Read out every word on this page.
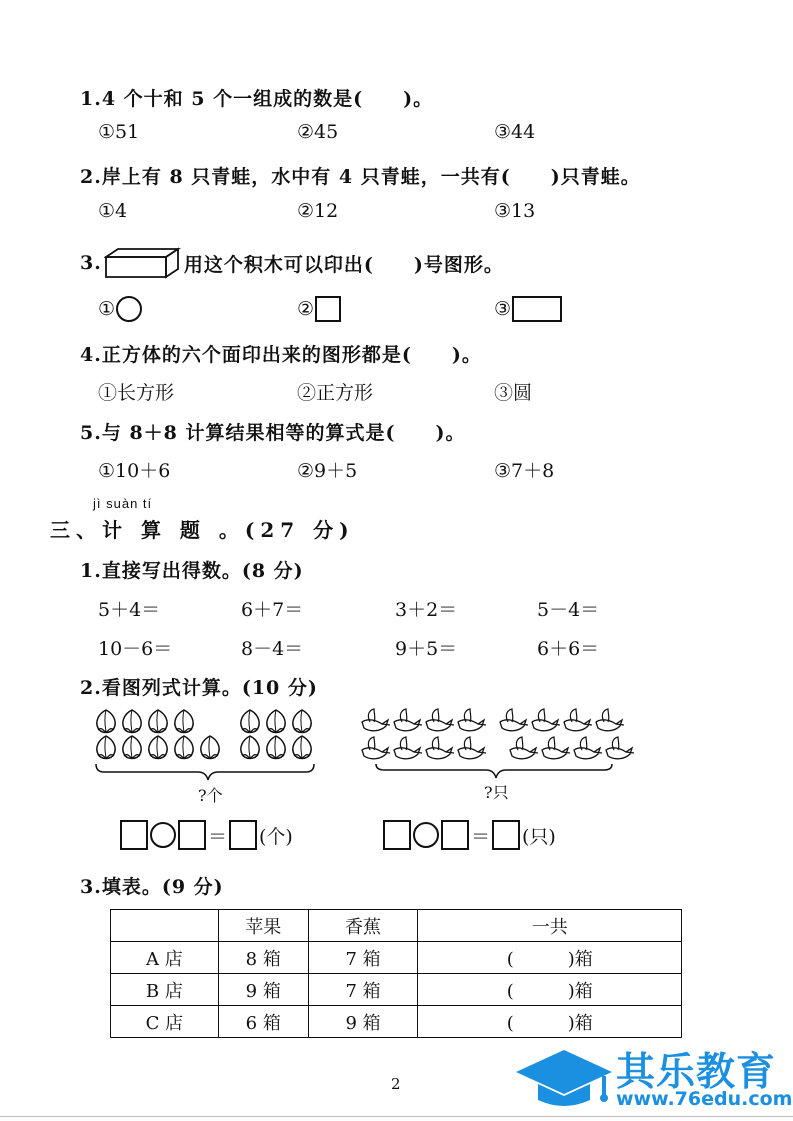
1.4 个十和 5 个一组成的数是(　　)。
①51	②45	③44
2.岸上有 8 只青蛙，水中有 4 只青蛙，一共有(　　)只青蛙。
①4	②12	③13
3.	用这个积木可以印出(　　)号图形。
①	②	③
4.正方体的六个面印出来的图形都是(　　)。
①长方形	②正方形	③圆
5.与 8＋8 计算结果相等的算式是(　　)。
①10＋6	②9＋5	③7＋8
jì suàn tí
三、计 算 题 。(27 分)
1.直接写出得数。(8 分)
5＋4＝	6＋7＝	3＋2＝	5－4＝
10－6＝	8－4＝	9＋5＝	6＋6＝
2.看图列式计算。(10 分)
?个	?只
＝ (个)	＝ (只)
3.填表。(9 分)
	苹果	香蕉	一共
A 店	8 箱	7 箱	(　　　)箱
B 店	9 箱	7 箱	(　　　)箱
C 店	6 箱	9 箱	(　　　)箱
2	其乐教育
www.76edu.com
